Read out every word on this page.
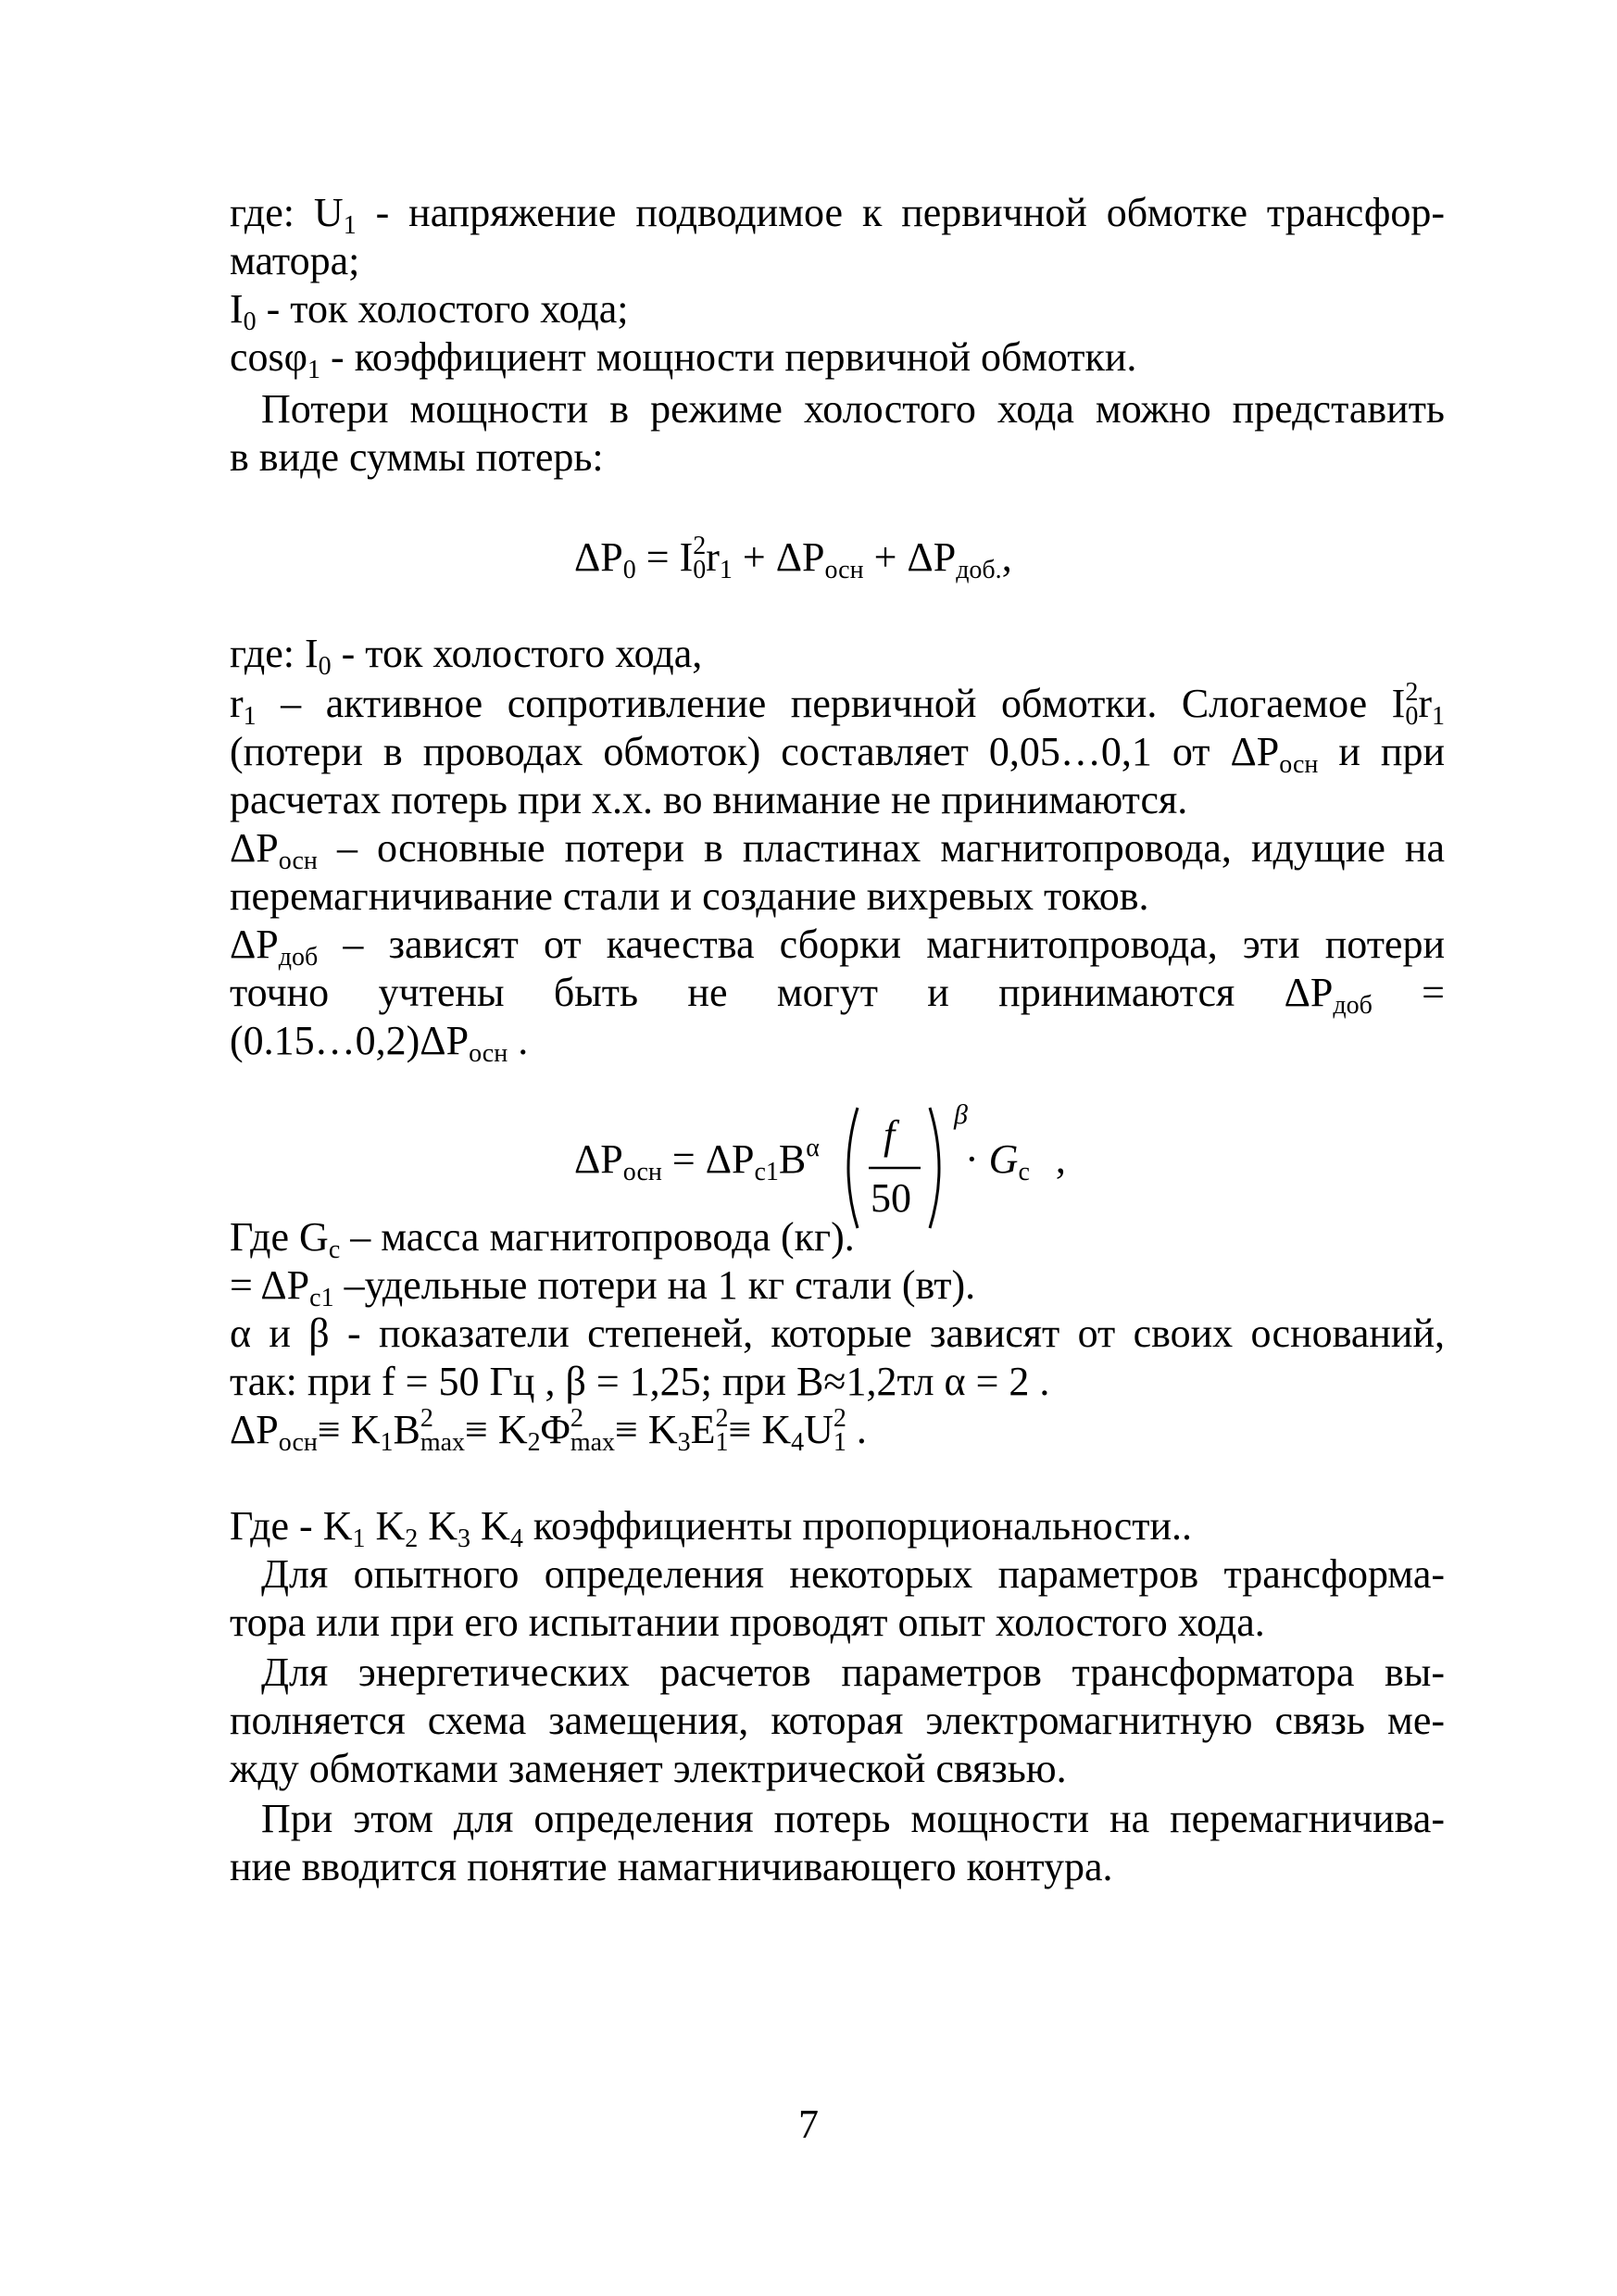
где: $U_1$ - напряжение подводимое к первичной обмотке трансфор-
матора;
$I_0$ - ток холостого хода;
cosφ$_1$ - коэффициент мощности первичной обмотки.
Потери мощности в режиме холостого хода можно представить
в виде суммы потерь:
$\Delta P_0 = I_0^2r_1 + \Delta P_{осн} + \Delta P_{доб.}$,
где: $I_0$ - ток холостого хода,
$r_1$ – активное сопротивление первичной обмотки. Слогаемое $I_0^2r_1$
(потери в проводах обмоток) составляет 0,05…0,1 от $\Delta P_{осн}$ и при
расчетах потерь при х.х. во внимание не принимаются.
$\Delta P_{осн}$ – основные потери в пластинах магнитопровода, идущие на
перемагничивание стали и создание вихревых токов.
$\Delta P_{доб}$ – зависят от качества сборки магнитопровода, эти потери
точно учтены быть не могут и принимаются $\Delta P_{доб}$ =
$(0.15\dots 0,2)\Delta P_{осн}$ .
$\Delta P_{осн} = \Delta P_{c1}B^\alpha$ f
50
β
· $G_c$ ,
Где $G_c$ – масса магнитопровода (кг).
= $\Delta P_{c1}$ –удельные потери на 1 кг стали (вт).
α и β - показатели степеней, которые зависят от своих оснований,
так: при f = 50 Гц , β = 1,25; при B≈1,2тл α = 2 .
$\Delta P_{осн}\equiv K_1B^2_{max}\equiv K_2\Phi^2_{max}\equiv K_3E_1^2\equiv K_4U_1^2$ .
Где - $K_1$ $K_2$ $K_3$ $K_4$ коэффициенты пропорциональности..
Для опытного определения некоторых параметров трансформа-
тора или при его испытании проводят опыт холостого хода.
Для энергетических расчетов параметров трансформатора вы-
полняется схема замещения, которая электромагнитную связь ме-
жду обмотками заменяет электрической связью.
При этом для определения потерь мощности на перемагничива-
ние вводится понятие намагничивающего контура.
7
